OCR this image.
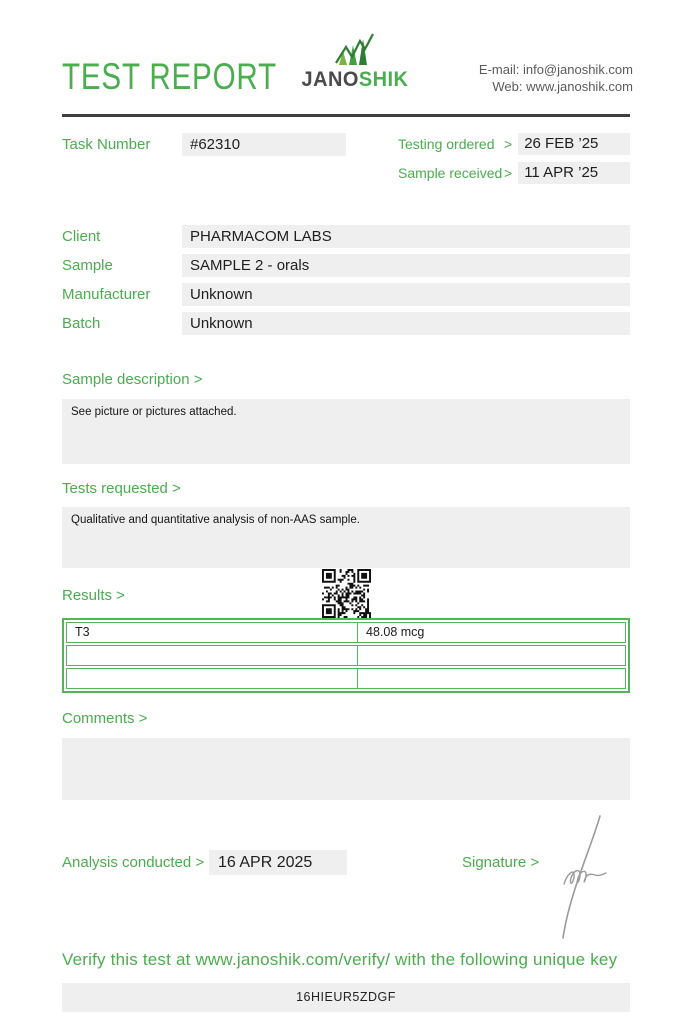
TEST REPORT JANOSHIK	E-mail: info@janoshik.com
Web: www.janoshik.com
Task Number	#62310	Testing ordered > 26 FEB ’25
Sample received > 11 APR ’25
Client	PHARMACOM LABS
Sample	SAMPLE 2 - orals
Manufacturer	Unknown
Batch	Unknown
Sample description >
See picture or pictures attached.
Tests requested >
Qualitative and quantitative analysis of non-AAS sample.
Results >
T3	48.08 mcg
Comments >
Analysis conducted > 16 APR 2025	Signature >
Verify this test at www.janoshik.com/verify/ with the following unique key
16HIEUR5ZDGF
